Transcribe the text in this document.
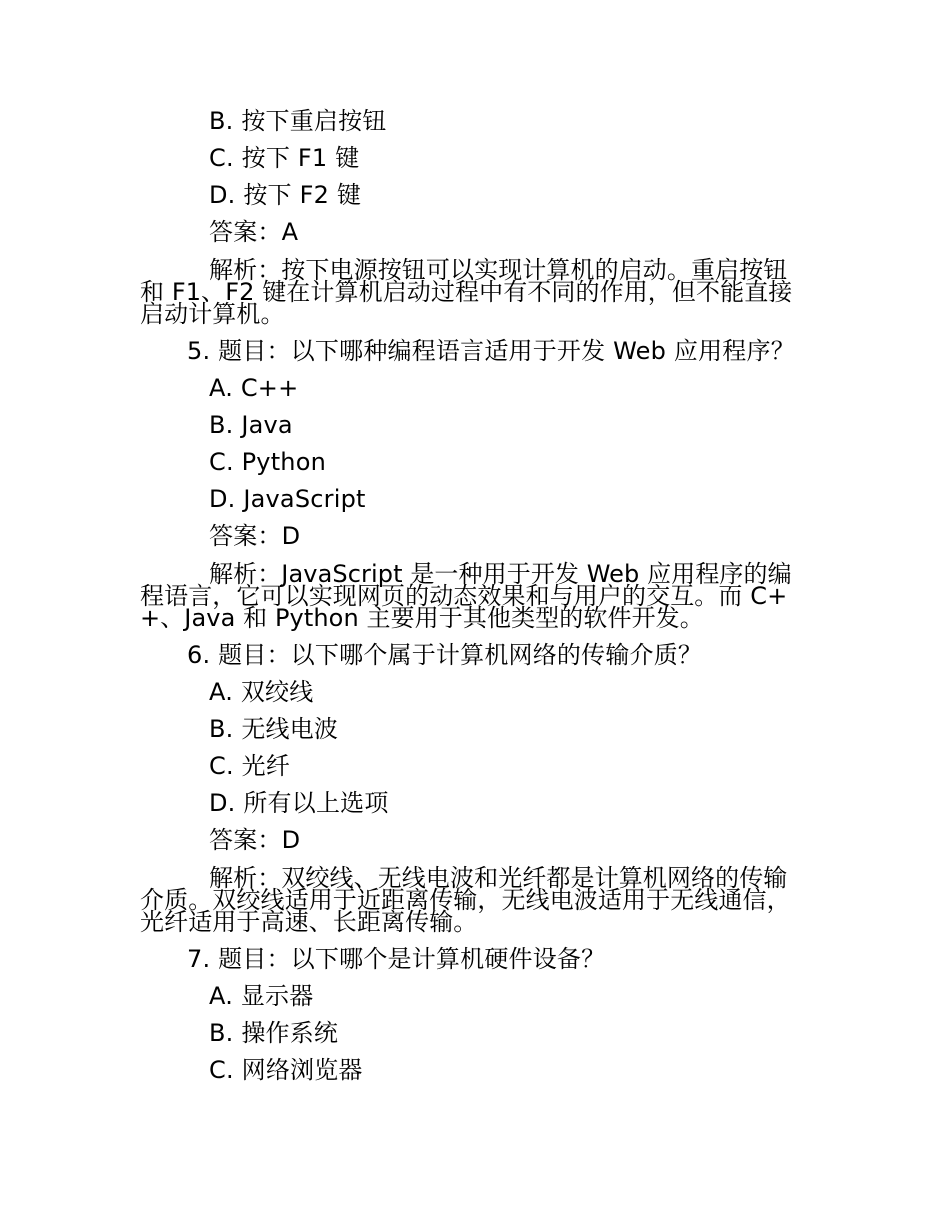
B. 按下重启按钮
C. 按下 F1 键
D. 按下 F2 键
答案：A
解析：按下电源按钮可以实现计算机的启动。重启按钮和 F1、F2 键在计算机启动过程中有不同的作用，但不能直接启动计算机。
5. 题目：以下哪种编程语言适用于开发 Web 应用程序？
A. C++
B. Java
C. Python
D. JavaScript
答案：D
解析：JavaScript 是一种用于开发 Web 应用程序的编程语言，它可以实现网页的动态效果和与用户的交互。而 C++、Java 和 Python 主要用于其他类型的软件开发。
6. 题目：以下哪个属于计算机网络的传输介质？
A. 双绞线
B. 无线电波
C. 光纤
D. 所有以上选项
答案：D
解析：双绞线、无线电波和光纤都是计算机网络的传输介质。双绞线适用于近距离传输，无线电波适用于无线通信，光纤适用于高速、长距离传输。
7. 题目：以下哪个是计算机硬件设备？
A. 显示器
B. 操作系统
C. 网络浏览器
